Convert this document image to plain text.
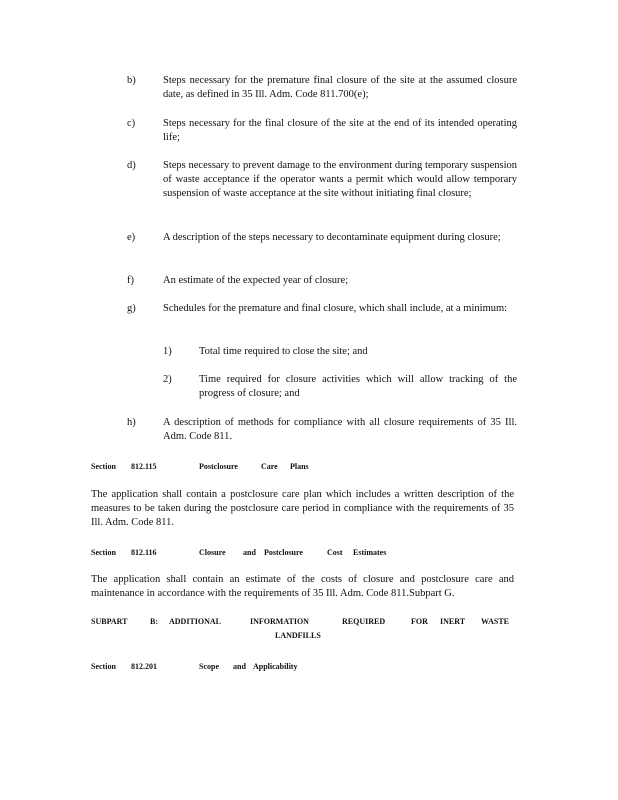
b)	Steps necessary for the premature final closure of the site at the assumed closure date, as defined in 35 Ill. Adm. Code 811.700(e);
c)	Steps necessary for the final closure of the site at the end of its intended operating life;
d)	Steps necessary to prevent damage to the environment during temporary suspension of waste acceptance if the operator wants a permit which would allow temporary suspension of waste acceptance at the site without initiating final closure;
e)	A description of the steps necessary to decontaminate equipment during closure;
f)	An estimate of the expected year of closure;
g)	Schedules for the premature and final closure, which shall include, at a minimum:
1)	Total time required to close the site; and
2)	Time required for closure activities which will allow tracking of the progress of closure; and
h)	A description of methods for compliance with all closure requirements of 35 Ill. Adm. Code 811.
Section 812.115	Postclosure	Care Plans
The application shall contain a postclosure care plan which includes a written description of the measures to be taken during the postclosure care period in compliance with the requirements of 35 Ill. Adm. Code 811.
Section 812.116	Closure and Postclosure	Cost Estimates
The application shall contain an estimate of the costs of closure and postclosure care and maintenance in accordance with the requirements of 35 Ill. Adm. Code 811.Subpart G.
SUBPART	B: ADDITIONAL	INFORMATION	REQUIRED	FOR INERT WASTE
LANDFILLS
Section 812.201	Scope and Applicability
